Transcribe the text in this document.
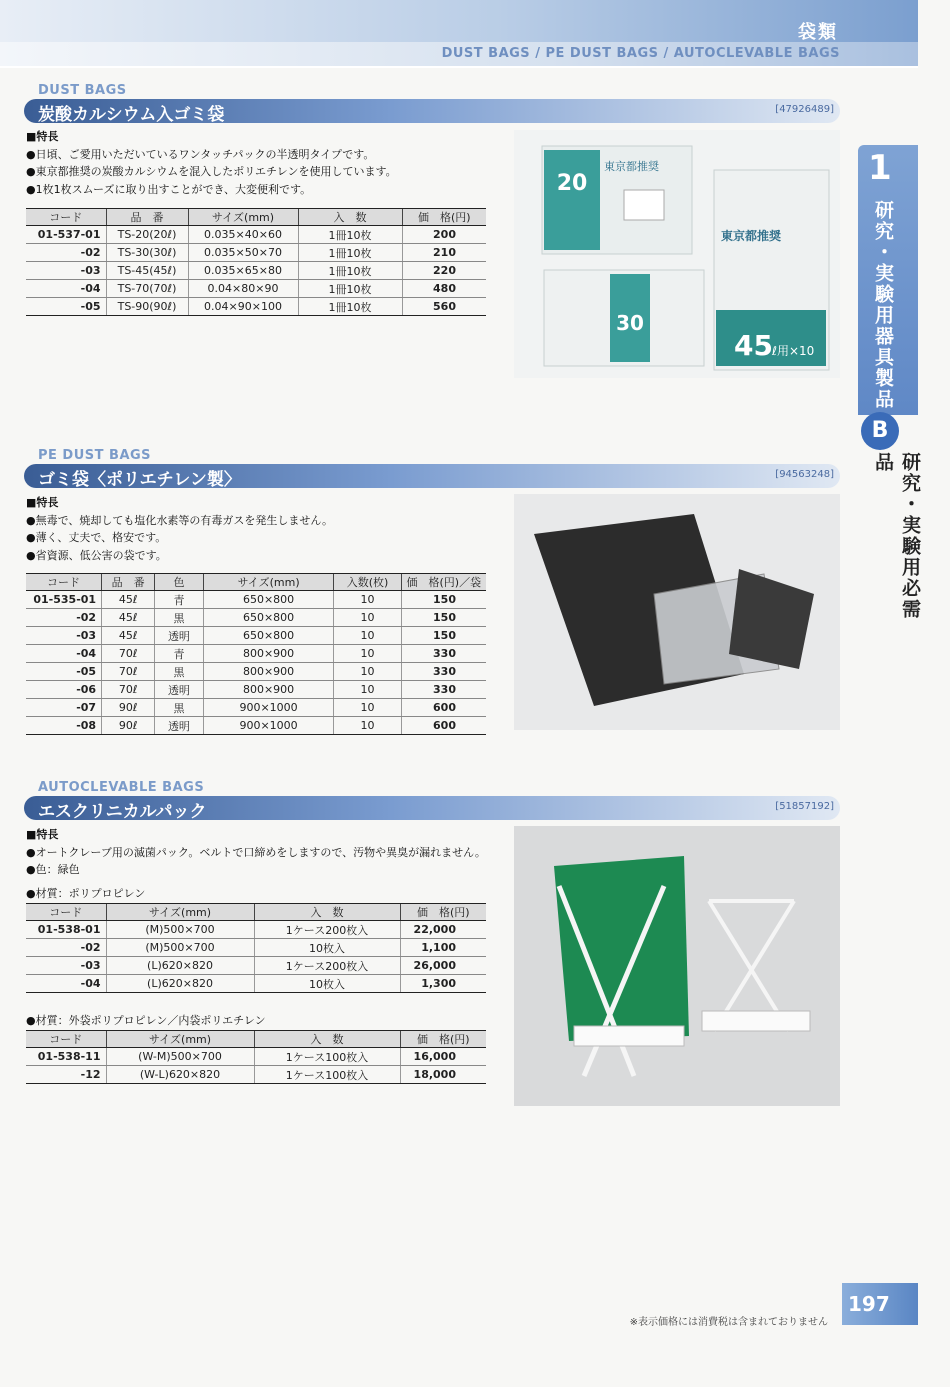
袋類
DUST BAGS / PE DUST BAGS / AUTOCLEVABLE BAGS
1
研究・実験用器具製品
B
研究・実験用必需品
DUST BAGS
炭酸カルシウム入ゴミ袋	[47926489]
■特長
●日頃、ご愛用いただいているワンタッチパックの半透明タイプです。
●東京都推奨の炭酸カルシウムを混入したポリエチレンを使用しています。
●1枚1枚スムーズに取り出すことができ、大変便利です。
コード	品　番	サイズ(mm)	入　数	価　格(円)
01-537-01	TS-20(20ℓ)	0.035×40×60	1冊10枚	200
-02	TS-30(30ℓ)	0.035×50×70	1冊10枚	210
-03	TS-45(45ℓ)	0.035×65×80	1冊10枚	220
-04	TS-70(70ℓ)	0.04×80×90	1冊10枚	480
-05	TS-90(90ℓ)	0.04×90×100	1冊10枚	560
20
東京都推奨
45 ℓ用×10
東京都推奨
30
PE DUST BAGS
ゴミ袋〈ポリエチレン製〉	[94563248]
■特長
●無毒で、焼却しても塩化水素等の有毒ガスを発生しません。
●薄く、丈夫で、格安です。
●省資源、低公害の袋です。
コード	品　番	色	サイズ(mm)	入数(枚)	価　格(円)／袋
01-535-01	45ℓ	青	650×800	10	150
-02	45ℓ	黒	650×800	10	150
-03	45ℓ	透明	650×800	10	150
-04	70ℓ	青	800×900	10	330
-05	70ℓ	黒	800×900	10	330
-06	70ℓ	透明	800×900	10	330
-07	90ℓ	黒	900×1000	10	600
-08	90ℓ	透明	900×1000	10	600
AUTOCLEVABLE BAGS
エスクリニカルパック	[51857192]
■特長
●オートクレーブ用の滅菌パック。ベルトで口締めをしますので、汚物や異臭が漏れません。
●色：緑色
●材質：ポリプロピレン
コード	サイズ(mm)	入　数	価　格(円)
01-538-01	(M)500×700	1ケース200枚入	22,000
-02	(M)500×700	10枚入	1,100
-03	(L)620×820	1ケース200枚入	26,000
-04	(L)620×820	10枚入	1,300
●材質：外袋ポリプロピレン／内袋ポリエチレン
コード	サイズ(mm)	入　数	価　格(円)
01-538-11	(W-M)500×700	1ケース100枚入	16,000
-12	(W-L)620×820	1ケース100枚入	18,000
197
※表示価格には消費税は含まれておりません
